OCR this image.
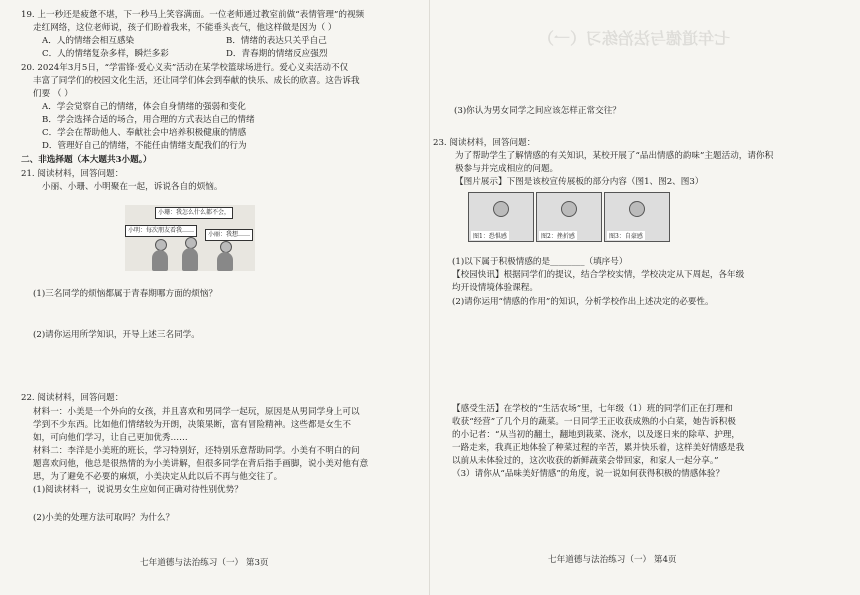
19. 上一秒还是疲惫不堪，下一秒马上笑容满面。一位老师通过教室前做“表情管理”的视频
走红网络，这位老师说，孩子们盼着我来，不能垂头丧气，他这样做是因为（ ）
A．人的情绪会相互感染	B．情绪的表达只关乎自己
C．人的情绪复杂多样，瞬烂多彩	D．青春期的情绪反应强烈
20. 2024年3月5日，“学雷锋·爱心义卖”活动在某学校篮球场进行。爱心义卖活动不仅
丰富了同学们的校园文化生活，还让同学们体会到奉献的快乐、成长的欣喜。这告诉我
们要 （ ）
A．学会觉察自己的情绪，体会自身情绪的强弱和变化
B．学会选择合适的场合，用合理的方式表达自己的情绪
C．学会在帮助他人、奉献社会中培养积极健康的情感
D．管理好自己的情绪，不能任由情绪支配我们的行为
二、非选择题（本大题共3小题。）
21. 阅读材料，回答问题：
小丽、小珊、小明聚在一起，诉说各自的烦恼。
小珊：我怎么什么都不会，
小明：每次朋友看我……
小丽：我想……
(1)三名同学的烦恼都属于青春期哪方面的烦恼？
(2)请你运用所学知识，开导上述三名同学。
22. 阅读材料，回答问题：
材料一：小美是一个外向的女孩，并且喜欢和男同学一起玩，原因是从男同学身上可以
学到不少东西。比如他们情绪较为开朗，决策果断，富有冒险精神。这些都是女生不
如，可向他们学习，让自己更加优秀……
材料二：李洋是小美班的班长，学习特别好，还特别乐意帮助同学。小美有不明白的问
题喜欢问他，他总是很热情的为小美讲解，但很多同学在背后指手画脚，说小美对他有意
思，为了避免不必要的麻烦，小美决定从此以后不再与他交往了。
(1)阅读材料一，说说男女生应如何正确对待性别优势？
(2)小美的处理方法可取吗？为什么？
七年道德与法治练习（一） 第3页
七年道德与法治练习（一）
(3)你认为男女同学之间应该怎样正常交往？
23. 阅读材料，回答问题：
为了帮助学生了解情感的有关知识，某校开展了“品出情感的韵味”主题活动，请你积
极参与并完成相应的问题。
【图片展示】下图是该校宣传展板的部分内容（图1、图2、图3）
图1：恐惧感	图2：挫折感	图3：自豪感
(1)以下属于积极情感的是________（填序号）
【校园快讯】根据同学们的提议，结合学校实情，学校决定从下周起，各年级
均开设情境体验课程。
(2)请你运用“情感的作用”的知识，分析学校作出上述决定的必要性。
【感受生活】在学校的“生活农场”里，七年级（1）班的同学们正在打理和
收获“经营”了几个月的蔬菜。一日同学王正收获成熟的小白菜，她告诉积极
的小记者：“从当初的翻土，翻地到栽菜、浇水，以及逐日来的除草、护理，
一路走来，我真正地体验了种菜过程的辛苦，累并快乐着，这样美好情感是我
以前从未体验过的，这次收获的新鲜蔬菜会带回家，和家人一起分享。”
（3）请你从“品味美好情感”的角度，说一说如何获得积极的情感体验？
七年道德与法治练习（一） 第4页
